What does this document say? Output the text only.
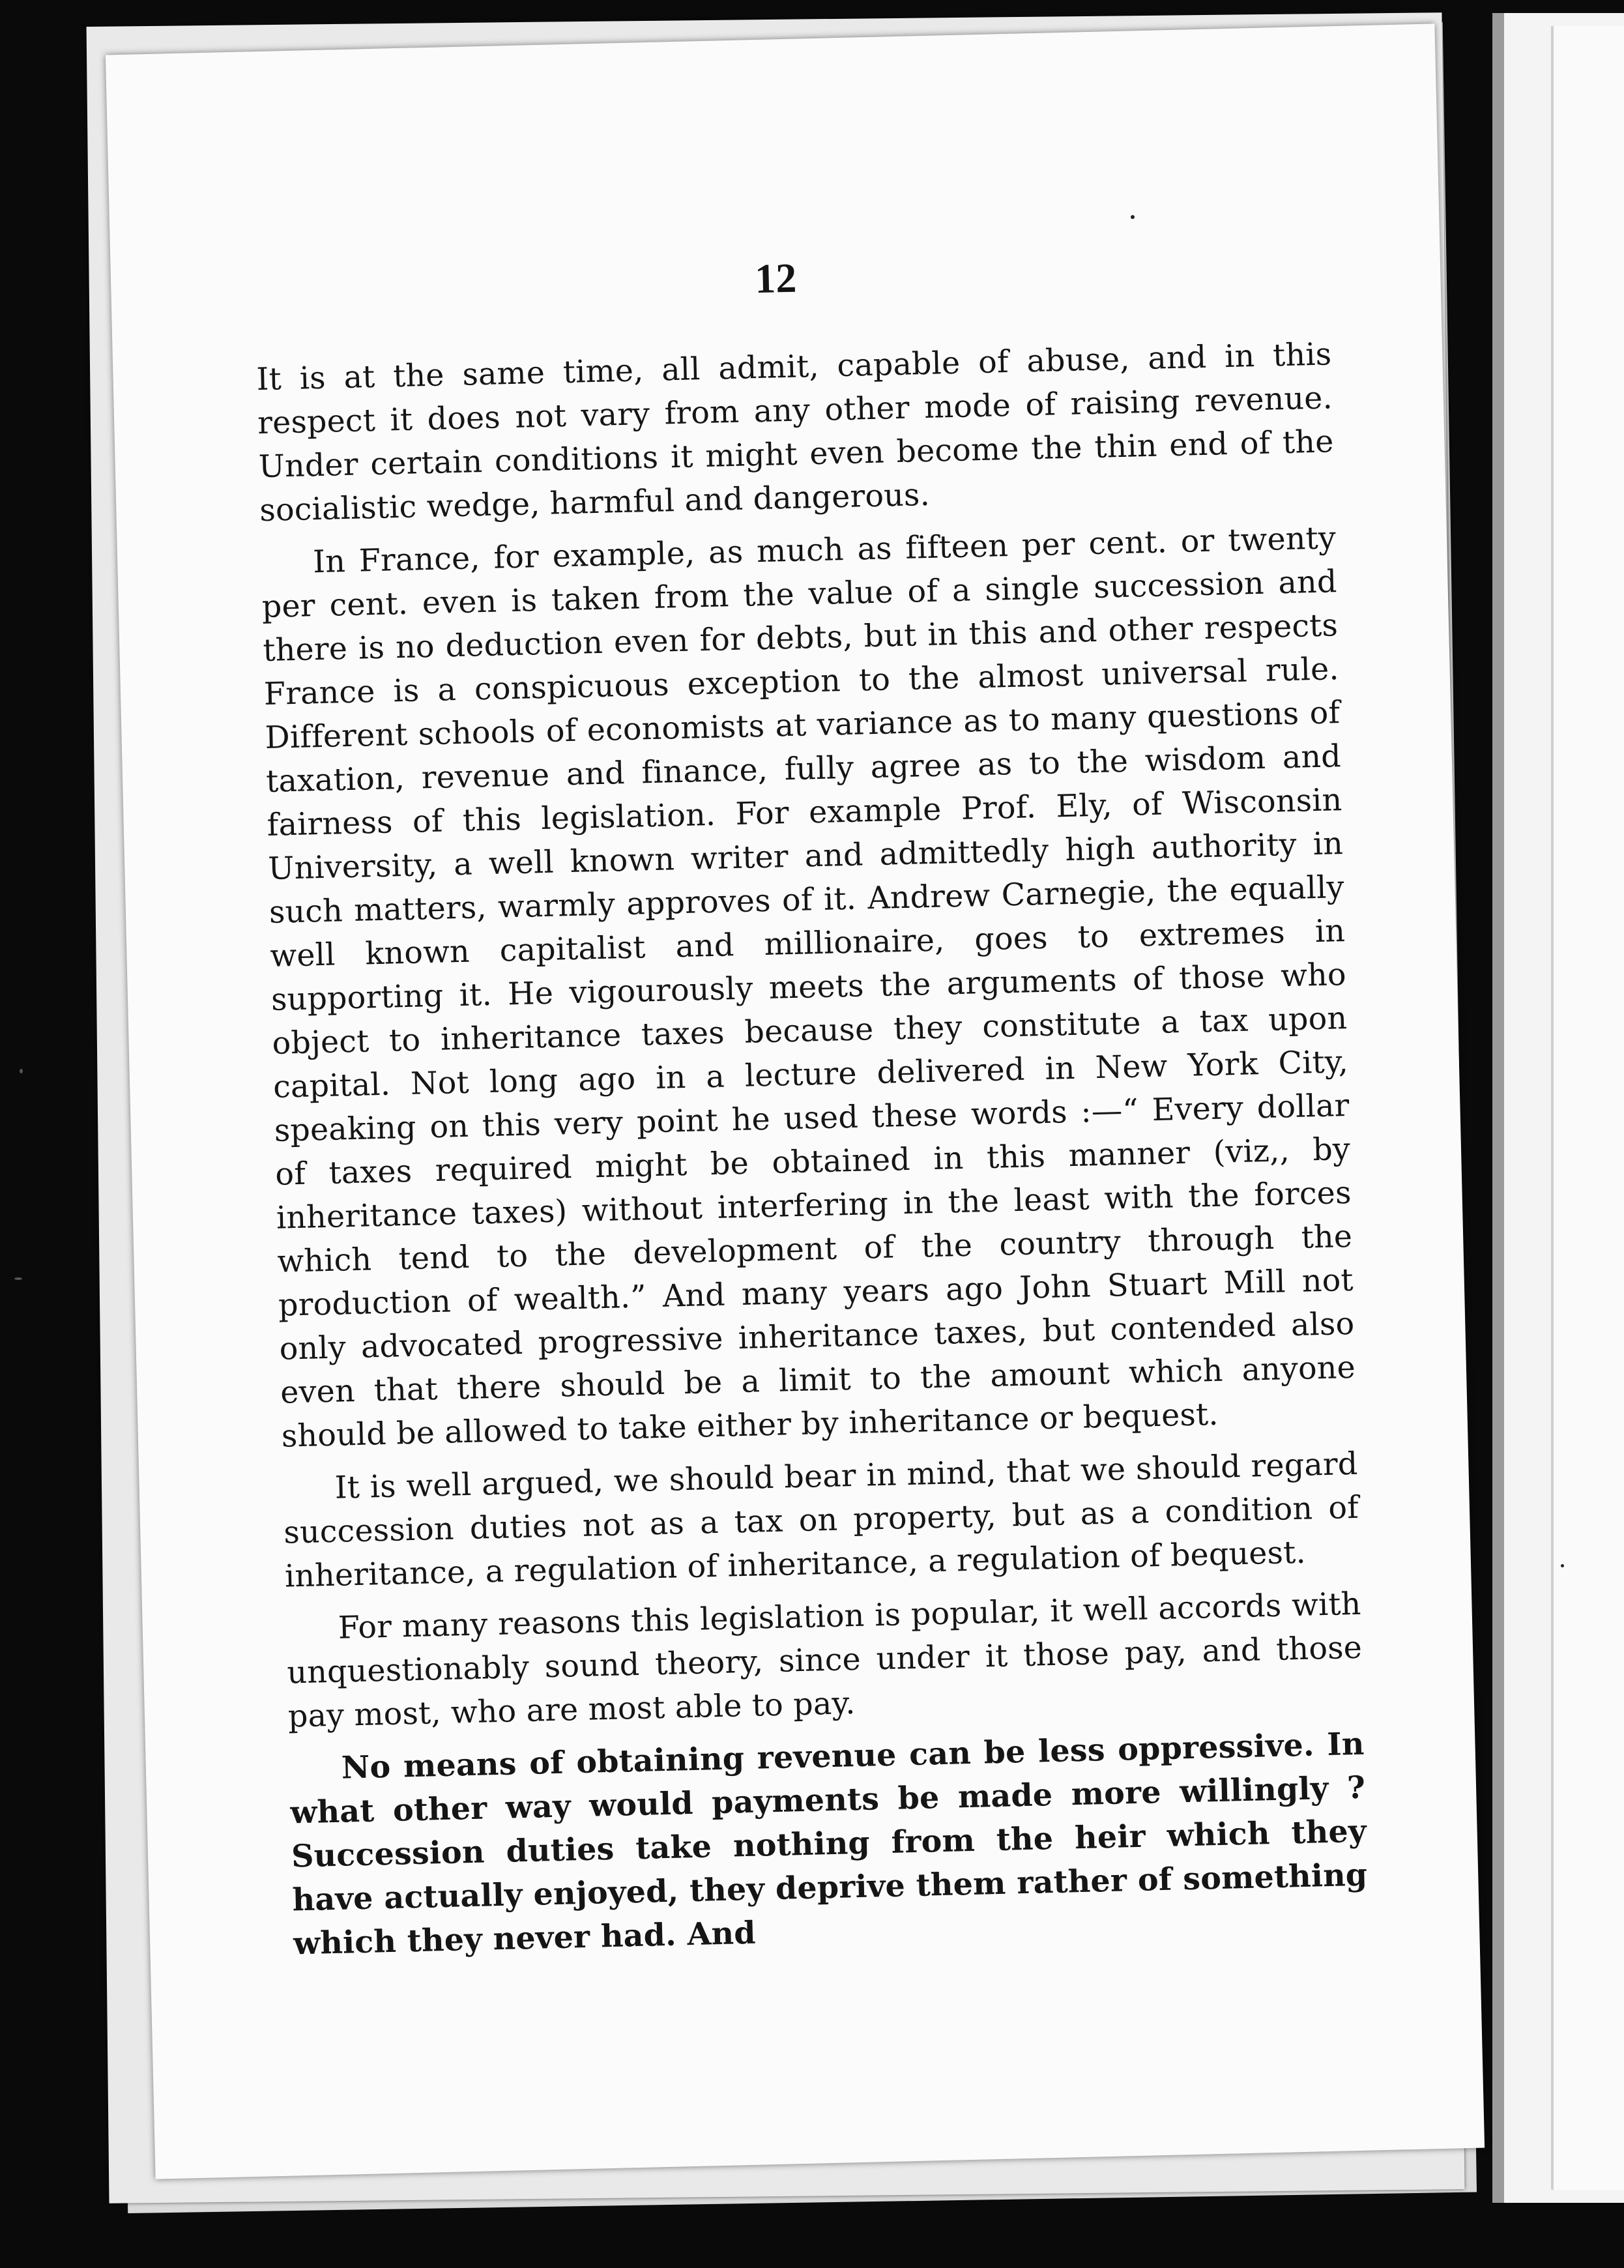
12

It is at the same time, all admit, capable of abuse, and in this respect it does not vary from any other mode of raising revenue. Under certain conditions it might even become the thin end of the socialistic wedge, harmful and dangerous.

In France, for example, as much as fifteen per cent. or twenty per cent. even is taken from the value of a single succession and there is no deduction even for debts, but in this and other respects France is a conspicuous exception to the almost universal rule. Different schools of economists at variance as to many questions of taxation, revenue and finance, fully agree as to the wisdom and fairness of this legislation. For example Prof. Ely, of Wisconsin University, a well known writer and admittedly high authority in such matters, warmly approves of it. Andrew Carnegie, the equally well known capitalist and millionaire, goes to extremes in supporting it. He vigourously meets the arguments of those who object to inheritance taxes because they constitute a tax upon capital. Not long ago in a lecture delivered in New York City, speaking on this very point he used these words :—“ Every dollar of taxes required might be obtained in this manner (viz,, by inheritance taxes) without interfering in the least with the forces which tend to the development of the country through the production of wealth.” And many years ago John Stuart Mill not only advocated progressive inheritance taxes, but contended also even that there should be a limit to the amount which anyone should be allowed to take either by inheritance or bequest.

It is well argued, we should bear in mind, that we should regard succession duties not as a tax on property, but as a condition of inheritance, a regulation of inheritance, a regulation of bequest.

For many reasons this legislation is popular, it well accords with unquestionably sound theory, since under it those pay, and those pay most, who are most able to pay.

No means of obtaining revenue can be less oppressive. In what other way would payments be made more willingly ? Succession duties take nothing from the heir which they have actually enjoyed, they deprive them rather of something which they never had. And
